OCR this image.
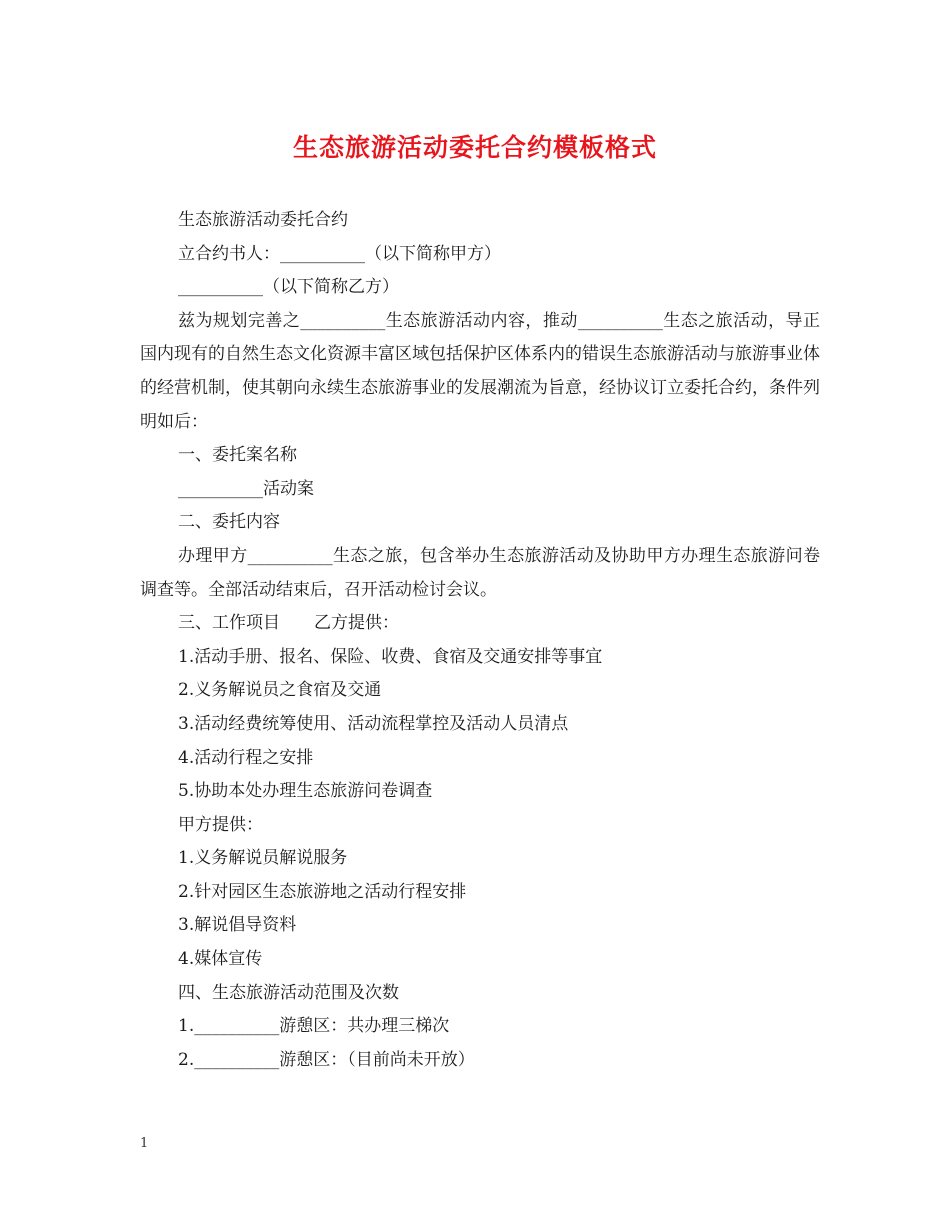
生态旅游活动委托合约模板格式

生态旅游活动委托合约

立合约书人：__________（以下简称甲方）

__________（以下简称乙方）

兹为规划完善之__________生态旅游活动内容，推动__________生态之旅活动，导正国内现有的自然生态文化资源丰富区域包括保护区体系内的错误生态旅游活动与旅游事业体的经营机制，使其朝向永续生态旅游事业的发展潮流为旨意，经协议订立委托合约，条件列明如后：

一、委托案名称

__________活动案

二、委托内容

办理甲方__________生态之旅，包含举办生态旅游活动及协助甲方办理生态旅游问卷调查等。全部活动结束后，召开活动检讨会议。

三、工作项目　　乙方提供：

1.活动手册、报名、保险、收费、食宿及交通安排等事宜

2.义务解说员之食宿及交通

3.活动经费统筹使用、活动流程掌控及活动人员清点

4.活动行程之安排

5.协助本处办理生态旅游问卷调查

甲方提供：

1.义务解说员解说服务

2.针对园区生态旅游地之活动行程安排

3.解说倡导资料

4.媒体宣传

四、生态旅游活动范围及次数

1.__________游憩区：共办理三梯次

2.__________游憩区：（目前尚未开放）

1
